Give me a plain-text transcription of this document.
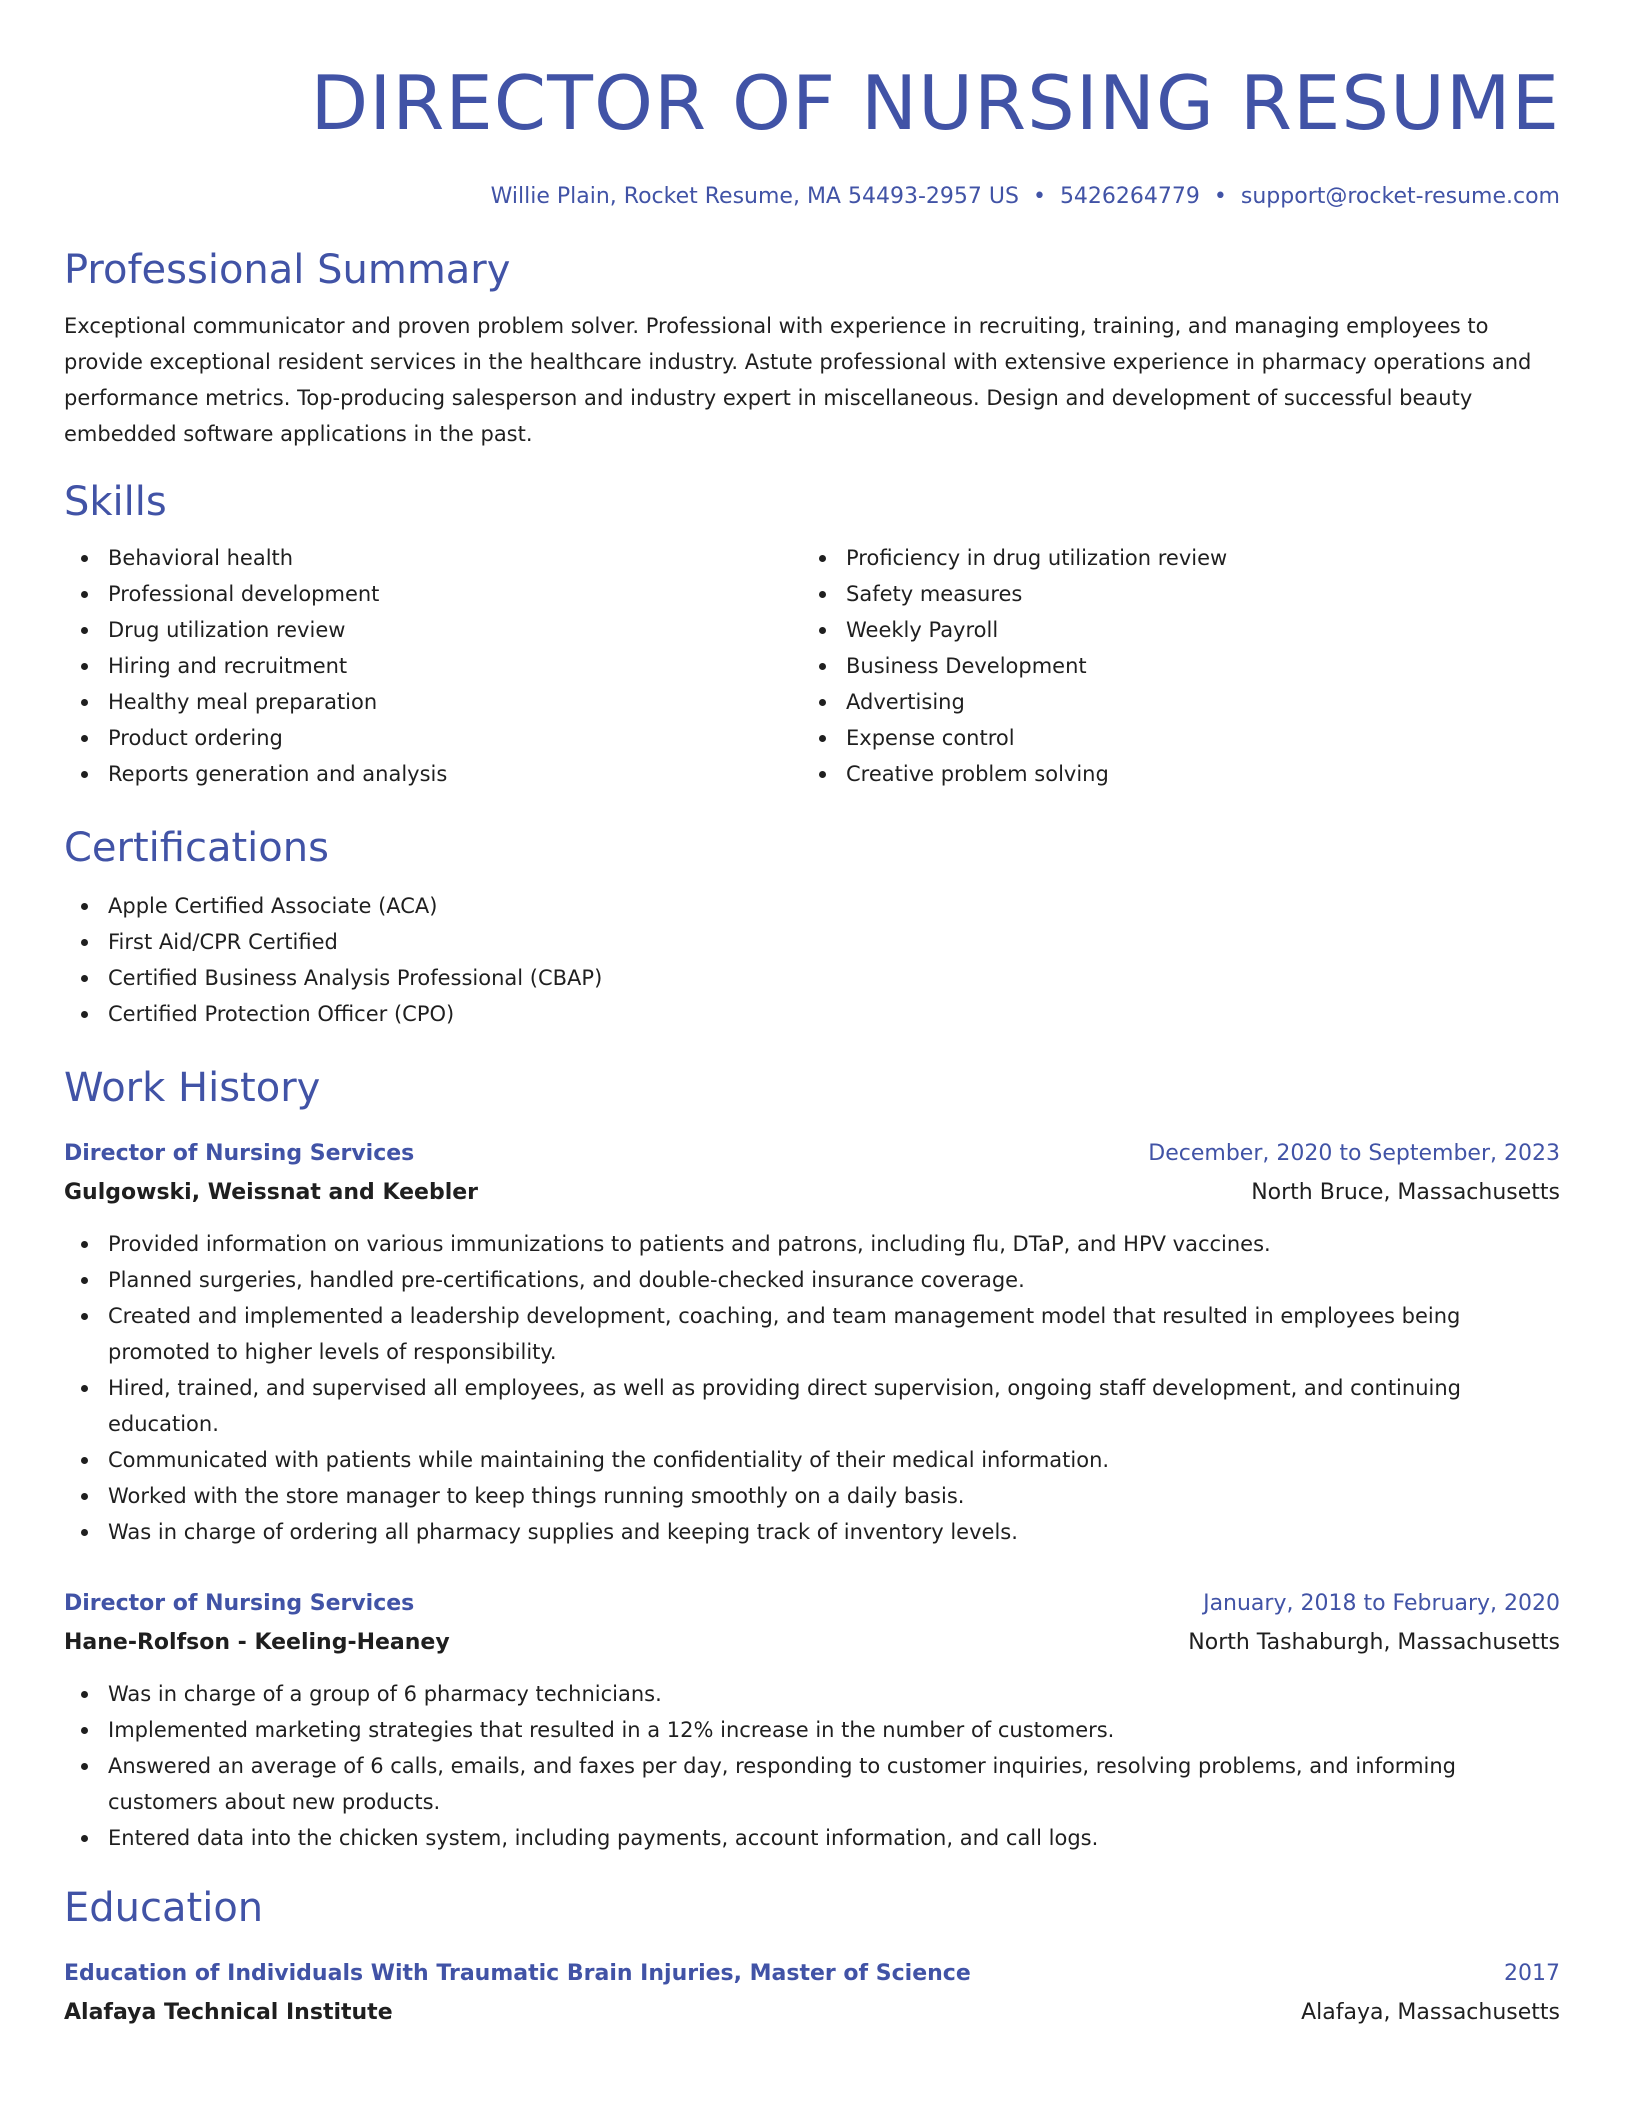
DIRECTOR OF NURSING RESUME
Willie Plain, Rocket Resume, MA 54493-2957 US • 5426264779 • support@rocket-resume.com
Professional Summary

Exceptional communicator and proven problem solver. Professional with experience in recruiting, training, and managing employees to provide exceptional resident services in the healthcare industry. Astute professional with extensive experience in pharmacy operations and performance metrics. Top-producing salesperson and industry expert in miscellaneous. Design and development of successful beauty embedded software applications in the past.

Skills
Behavioral health
Professional development
Drug utilization review
Hiring and recruitment
Healthy meal preparation
Product ordering
Reports generation and analysis
Proficiency in drug utilization review
Safety measures
Weekly Payroll
Business Development
Advertising
Expense control
Creative problem solving
Certifications
Apple Certified Associate (ACA)
First Aid/CPR Certified
Certified Business Analysis Professional (CBAP)
Certified Protection Officer (CPO)
Work History
Director of Nursing Services	December, 2020 to September, 2023
Gulgowski, Weissnat and Keebler	North Bruce, Massachusetts
Provided information on various immunizations to patients and patrons, including flu, DTaP, and HPV vaccines.
Planned surgeries, handled pre-certifications, and double-checked insurance coverage.
Created and implemented a leadership development, coaching, and team management model that resulted in employees being promoted to higher levels of responsibility.
Hired, trained, and supervised all employees, as well as providing direct supervision, ongoing staff development, and continuing education.
Communicated with patients while maintaining the confidentiality of their medical information.
Worked with the store manager to keep things running smoothly on a daily basis.
Was in charge of ordering all pharmacy supplies and keeping track of inventory levels.
Director of Nursing Services	January, 2018 to February, 2020
Hane-Rolfson - Keeling-Heaney	North Tashaburgh, Massachusetts
Was in charge of a group of 6 pharmacy technicians.
Implemented marketing strategies that resulted in a 12% increase in the number of customers.
Answered an average of 6 calls, emails, and faxes per day, responding to customer inquiries, resolving problems, and informing customers about new products.
Entered data into the chicken system, including payments, account information, and call logs.
Education
Education of Individuals With Traumatic Brain Injuries, Master of Science	2017
Alafaya Technical Institute	Alafaya, Massachusetts
